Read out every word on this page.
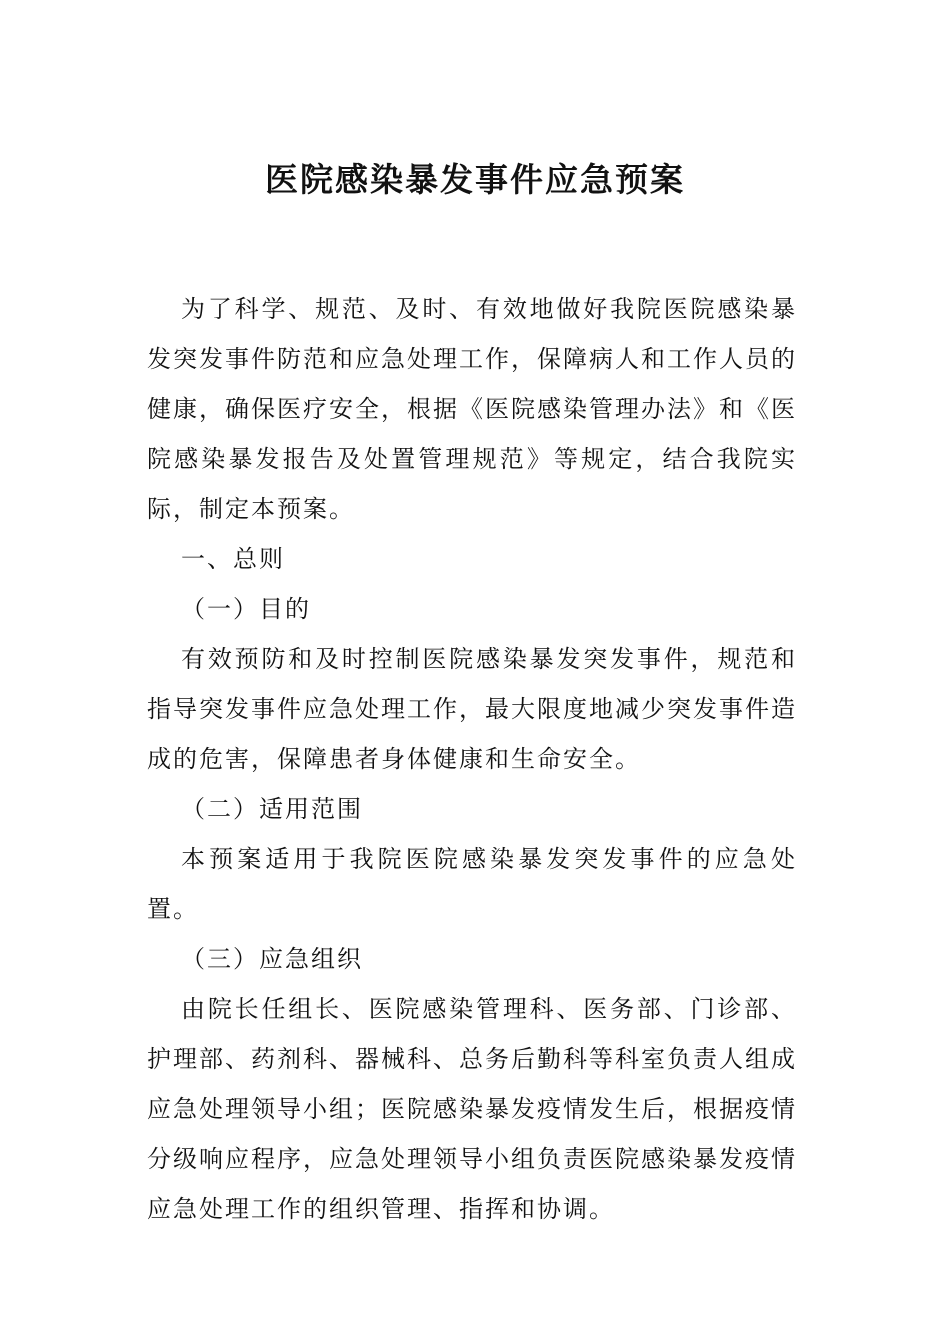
医院感染暴发事件应急预案

为了科学、规范、及时、有效地做好我院医院感染暴发突发事件防范和应急处理工作，保障病人和工作人员的健康，确保医疗安全，根据《医院感染管理办法》和《医院感染暴发报告及处置管理规范》等规定，结合我院实际，制定本预案。

一、总则

（一）目的

有效预防和及时控制医院感染暴发突发事件，规范和指导突发事件应急处理工作，最大限度地减少突发事件造成的危害，保障患者身体健康和生命安全。

（二）适用范围

本预案适用于我院医院感染暴发突发事件的应急处置。

（三）应急组织

由院长任组长、医院感染管理科、医务部、门诊部、护理部、药剂科、器械科、总务后勤科等科室负责人组成应急处理领导小组；医院感染暴发疫情发生后，根据疫情分级响应程序，应急处理领导小组负责医院感染暴发疫情应急处理工作的组织管理、指挥和协调。
